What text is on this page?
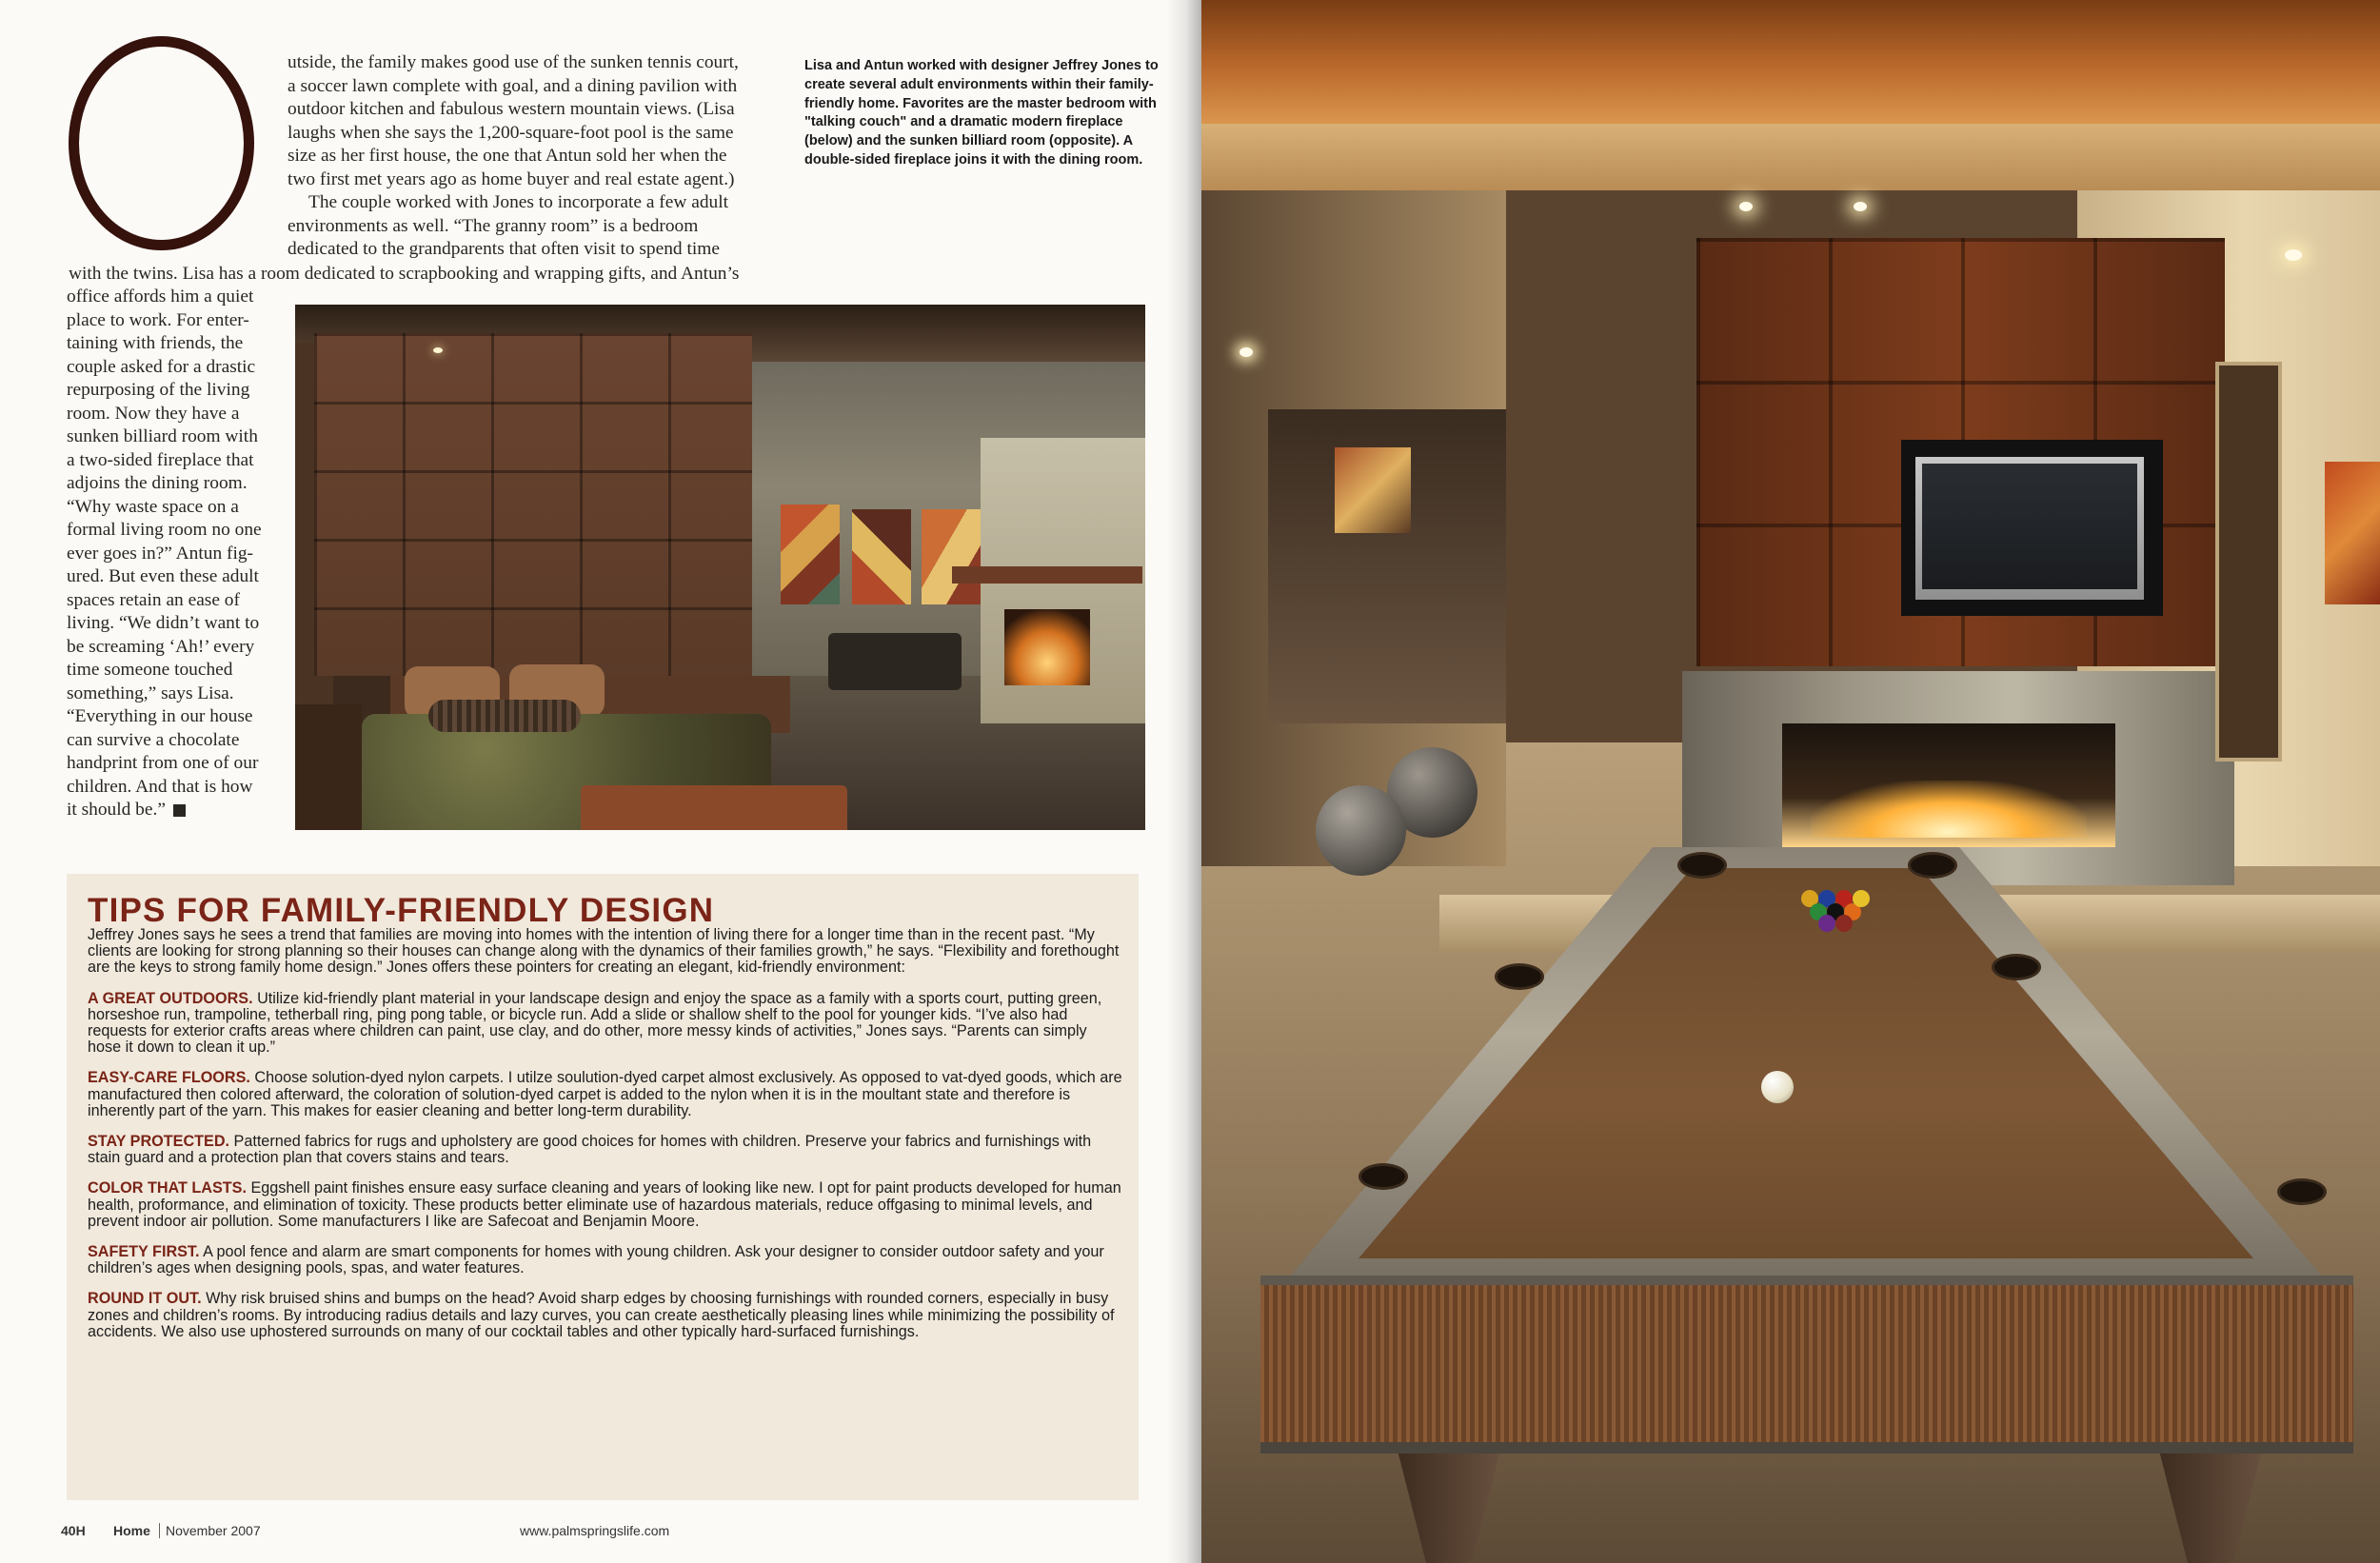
utside, the family makes good use of the sunken tennis court,
a soccer lawn complete with goal, and a dining pavilion with
outdoor kitchen and fabulous western mountain views. (Lisa
laughs when she says the 1,200-square-foot pool is the same
size as her first house, the one that Antun sold her when the
two first met years ago as home buyer and real estate agent.)
The couple worked with Jones to incorporate a few adult
environments as well. “The granny room” is a bedroom
dedicated to the grandparents that often visit to spend time
with the twins. Lisa has a room dedicated to scrapbooking and wrapping gifts, and Antun’s
office affords him a quiet
place to work. For enter-
taining with friends, the
couple asked for a drastic
repurposing of the living
room. Now they have a
sunken billiard room with
a two-sided fireplace that
adjoins the dining room.
“Why waste space on a
formal living room no one
ever goes in?” Antun fig-
ured. But even these adult
spaces retain an ease of
living. “We didn’t want to
be screaming ‘Ah!’ every
time someone touched
something,” says Lisa.
“Everything in our house
can survive a chocolate
handprint from one of our
children. And that is how
it should be.”
Lisa and Antun worked with designer Jeffrey Jones to create several adult environments within their family-friendly home. Favorites are the master bedroom with "talking couch" and a dramatic modern fireplace (below) and the sunken billiard room (opposite). A double-sided fireplace joins it with the dining room.
TIPS FOR FAMILY-FRIENDLY DESIGN

Jeffrey Jones says he sees a trend that families are moving into homes with the intention of living there for a longer time than in the recent past. “My clients are looking for strong planning so their houses can change along with the dynamics of their families growth,” he says. “Flexibility and forethought are the keys to strong family home design.” Jones offers these pointers for creating an elegant, kid-friendly environment:

A GREAT OUTDOORS. Utilize kid-friendly plant material in your landscape design and enjoy the space as a family with a sports court, putting green, horseshoe run, trampoline, tetherball ring, ping pong table, or bicycle run. Add a slide or shallow shelf to the pool for younger kids. “I’ve also had requests for exterior crafts areas where children can paint, use clay, and do other, more messy kinds of activities,” Jones says. “Parents can simply hose it down to clean it up.”

EASY-CARE FLOORS. Choose solution-dyed nylon carpets. I utilze soulution-dyed carpet almost exclusively. As opposed to vat-dyed goods, which are manufactured then colored afterward, the coloration of solution-dyed carpet is added to the nylon when it is in the moultant state and therefore is inherently part of the yarn. This makes for easier cleaning and better long-term durability.

STAY PROTECTED. Patterned fabrics for rugs and upholstery are good choices for homes with children. Preserve your fabrics and furnishings with stain guard and a protection plan that covers stains and tears.

COLOR THAT LASTS. Eggshell paint finishes ensure easy surface cleaning and years of looking like new. I opt for paint products developed for human health, proformance, and elimination of toxicity. These products better eliminate use of hazardous materials, reduce offgasing to minimal levels, and prevent indoor air pollution. Some manufacturers I like are Safecoat and Benjamin Moore.

SAFETY FIRST. A pool fence and alarm are smart components for homes with young children. Ask your designer to consider outdoor safety and your children’s ages when designing pools, spas, and water features.

ROUND IT OUT. Why risk bruised shins and bumps on the head? Avoid sharp edges by choosing furnishings with rounded corners, especially in busy zones and children’s rooms. By introducing radius details and lazy curves, you can create aesthetically pleasing lines while minimizing the possibility of accidents. We also use uphostered surrounds on many of our cocktail tables and other typically hard-surfaced furnishings.

40H Home November 2007	www.palmspringslife.com
